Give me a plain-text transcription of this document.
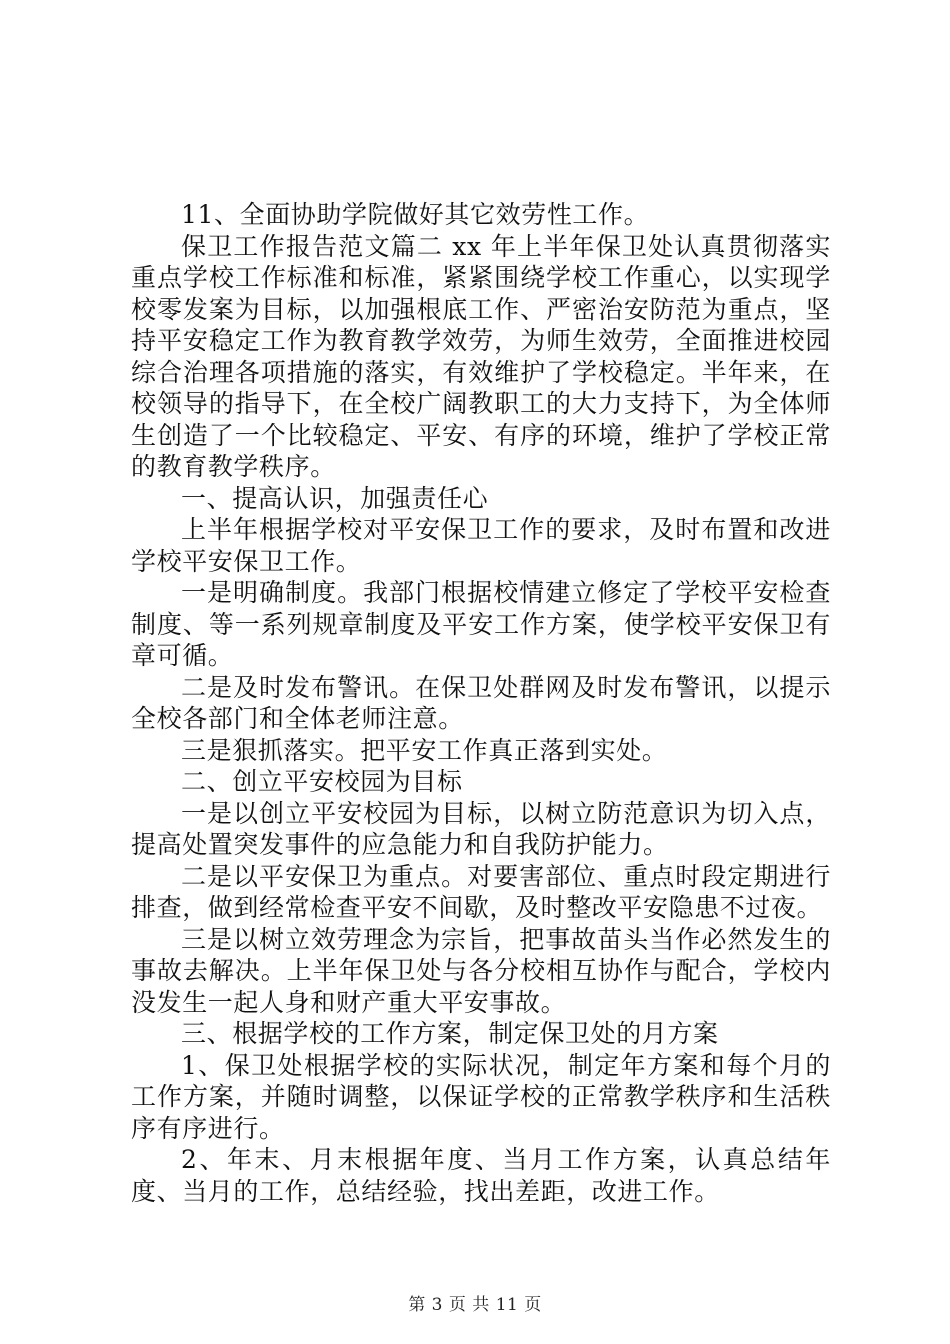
11、全面协助学院做好其它效劳性工作。

保卫工作报告范文篇二 xx 年上半年保卫处认真贯彻落实重点学校工作标准和标准，紧紧围绕学校工作重心，以实现学校零发案为目标，以加强根底工作、严密治安防范为重点，坚持平安稳定工作为教育教学效劳，为师生效劳，全面推进校园综合治理各项措施的落实，有效维护了学校稳定。半年来，在校领导的指导下，在全校广阔教职工的大力支持下，为全体师生创造了一个比较稳定、平安、有序的环境，维护了学校正常的教育教学秩序。

一、提高认识，加强责任心

上半年根据学校对平安保卫工作的要求，及时布置和改进学校平安保卫工作。

一是明确制度。我部门根据校情建立修定了学校平安检查制度、等一系列规章制度及平安工作方案，使学校平安保卫有章可循。

二是及时发布警讯。在保卫处群网及时发布警讯，以提示全校各部门和全体老师注意。

三是狠抓落实。把平安工作真正落到实处。

二、创立平安校园为目标

一是以创立平安校园为目标，以树立防范意识为切入点，提高处置突发事件的应急能力和自我防护能力。

二是以平安保卫为重点。对要害部位、重点时段定期进行排查，做到经常检查平安不间歇，及时整改平安隐患不过夜。

三是以树立效劳理念为宗旨，把事故苗头当作必然发生的事故去解决。上半年保卫处与各分校相互协作与配合，学校内没发生一起人身和财产重大平安事故。

三、根据学校的工作方案，制定保卫处的月方案

1、保卫处根据学校的实际状况，制定年方案和每个月的工作方案，并随时调整，以保证学校的正常教学秩序和生活秩序有序进行。

2、年末、月末根据年度、当月工作方案，认真总结年度、当月的工作，总结经验，找出差距，改进工作。

第 3 页 共 11 页
